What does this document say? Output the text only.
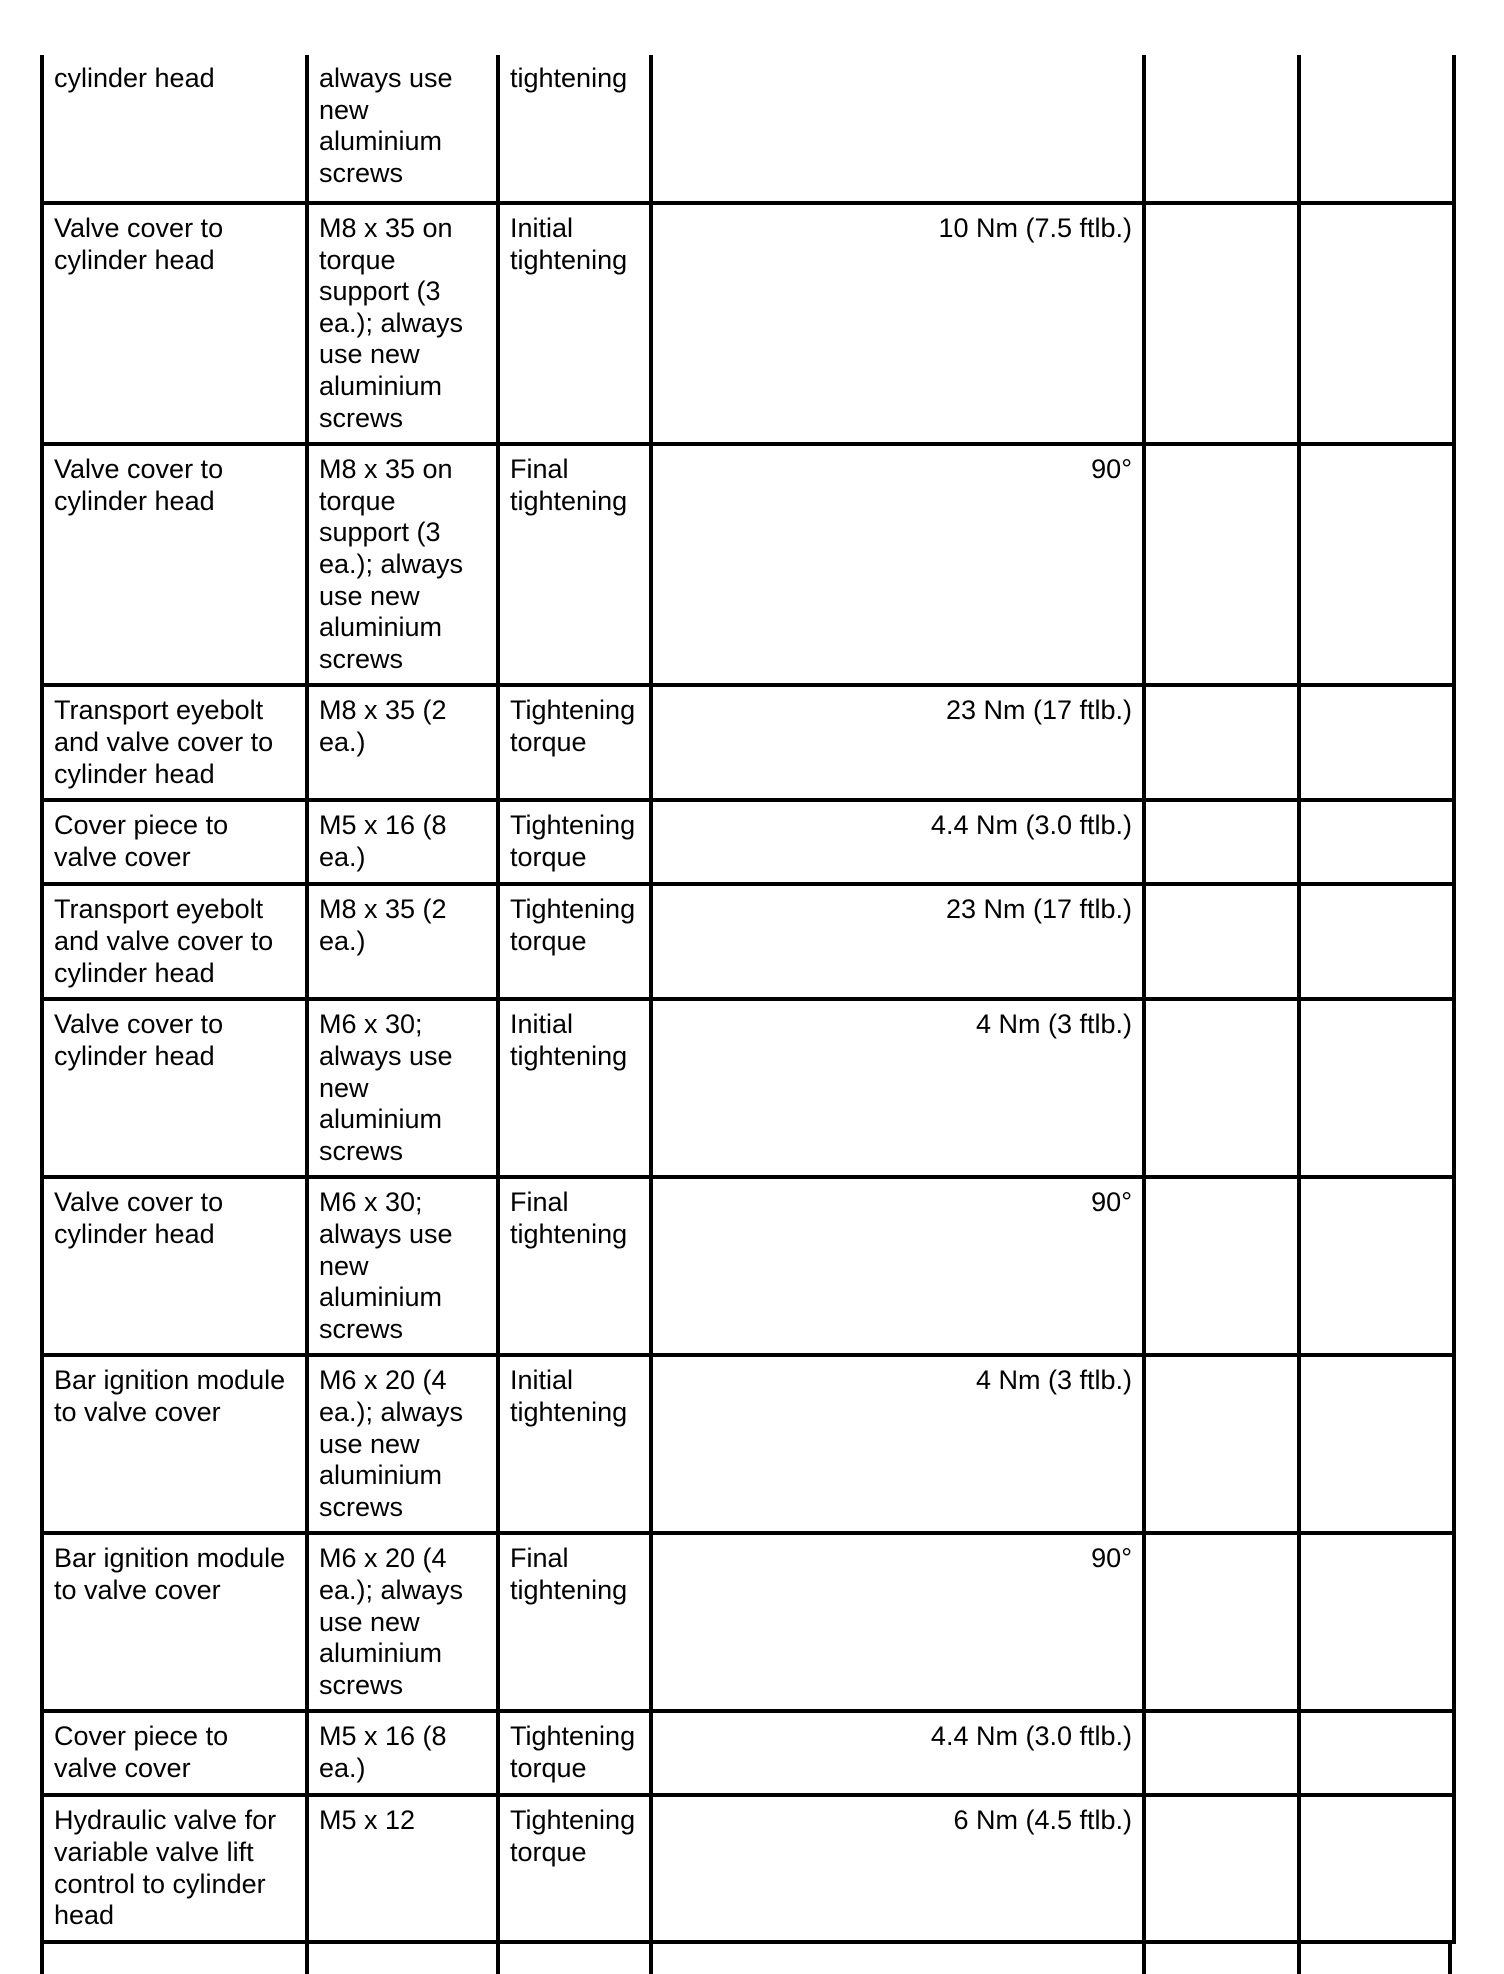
cylinder head	always use new aluminium screws	tightening			
Valve cover to cylinder head	M8 x 35 on torque support (3 ea.); always use new aluminium screws	Initial tightening	10 Nm (7.5 ftlb.)		
Valve cover to cylinder head	M8 x 35 on torque support (3 ea.); always use new aluminium screws	Final tightening	90°		
Transport eyebolt and valve cover to cylinder head	M8 x 35 (2 ea.)	Tightening torque	23 Nm (17 ftlb.)		
Cover piece to valve cover	M5 x 16 (8 ea.)	Tightening torque	4.4 Nm (3.0 ftlb.)		
Transport eyebolt and valve cover to cylinder head	M8 x 35 (2 ea.)	Tightening torque	23 Nm (17 ftlb.)		
Valve cover to cylinder head	M6 x 30; always use new aluminium screws	Initial tightening	4 Nm (3 ftlb.)		
Valve cover to cylinder head	M6 x 30; always use new aluminium screws	Final tightening	90°		
Bar ignition module to valve cover	M6 x 20 (4 ea.); always use new aluminium screws	Initial tightening	4 Nm (3 ftlb.)		
Bar ignition module to valve cover	M6 x 20 (4 ea.); always use new aluminium screws	Final tightening	90°		
Cover piece to valve cover	M5 x 16 (8 ea.)	Tightening torque	4.4 Nm (3.0 ftlb.)		
Hydraulic valve for variable valve lift control to cylinder head	M5 x 12	Tightening torque	6 Nm (4.5 ftlb.)		
